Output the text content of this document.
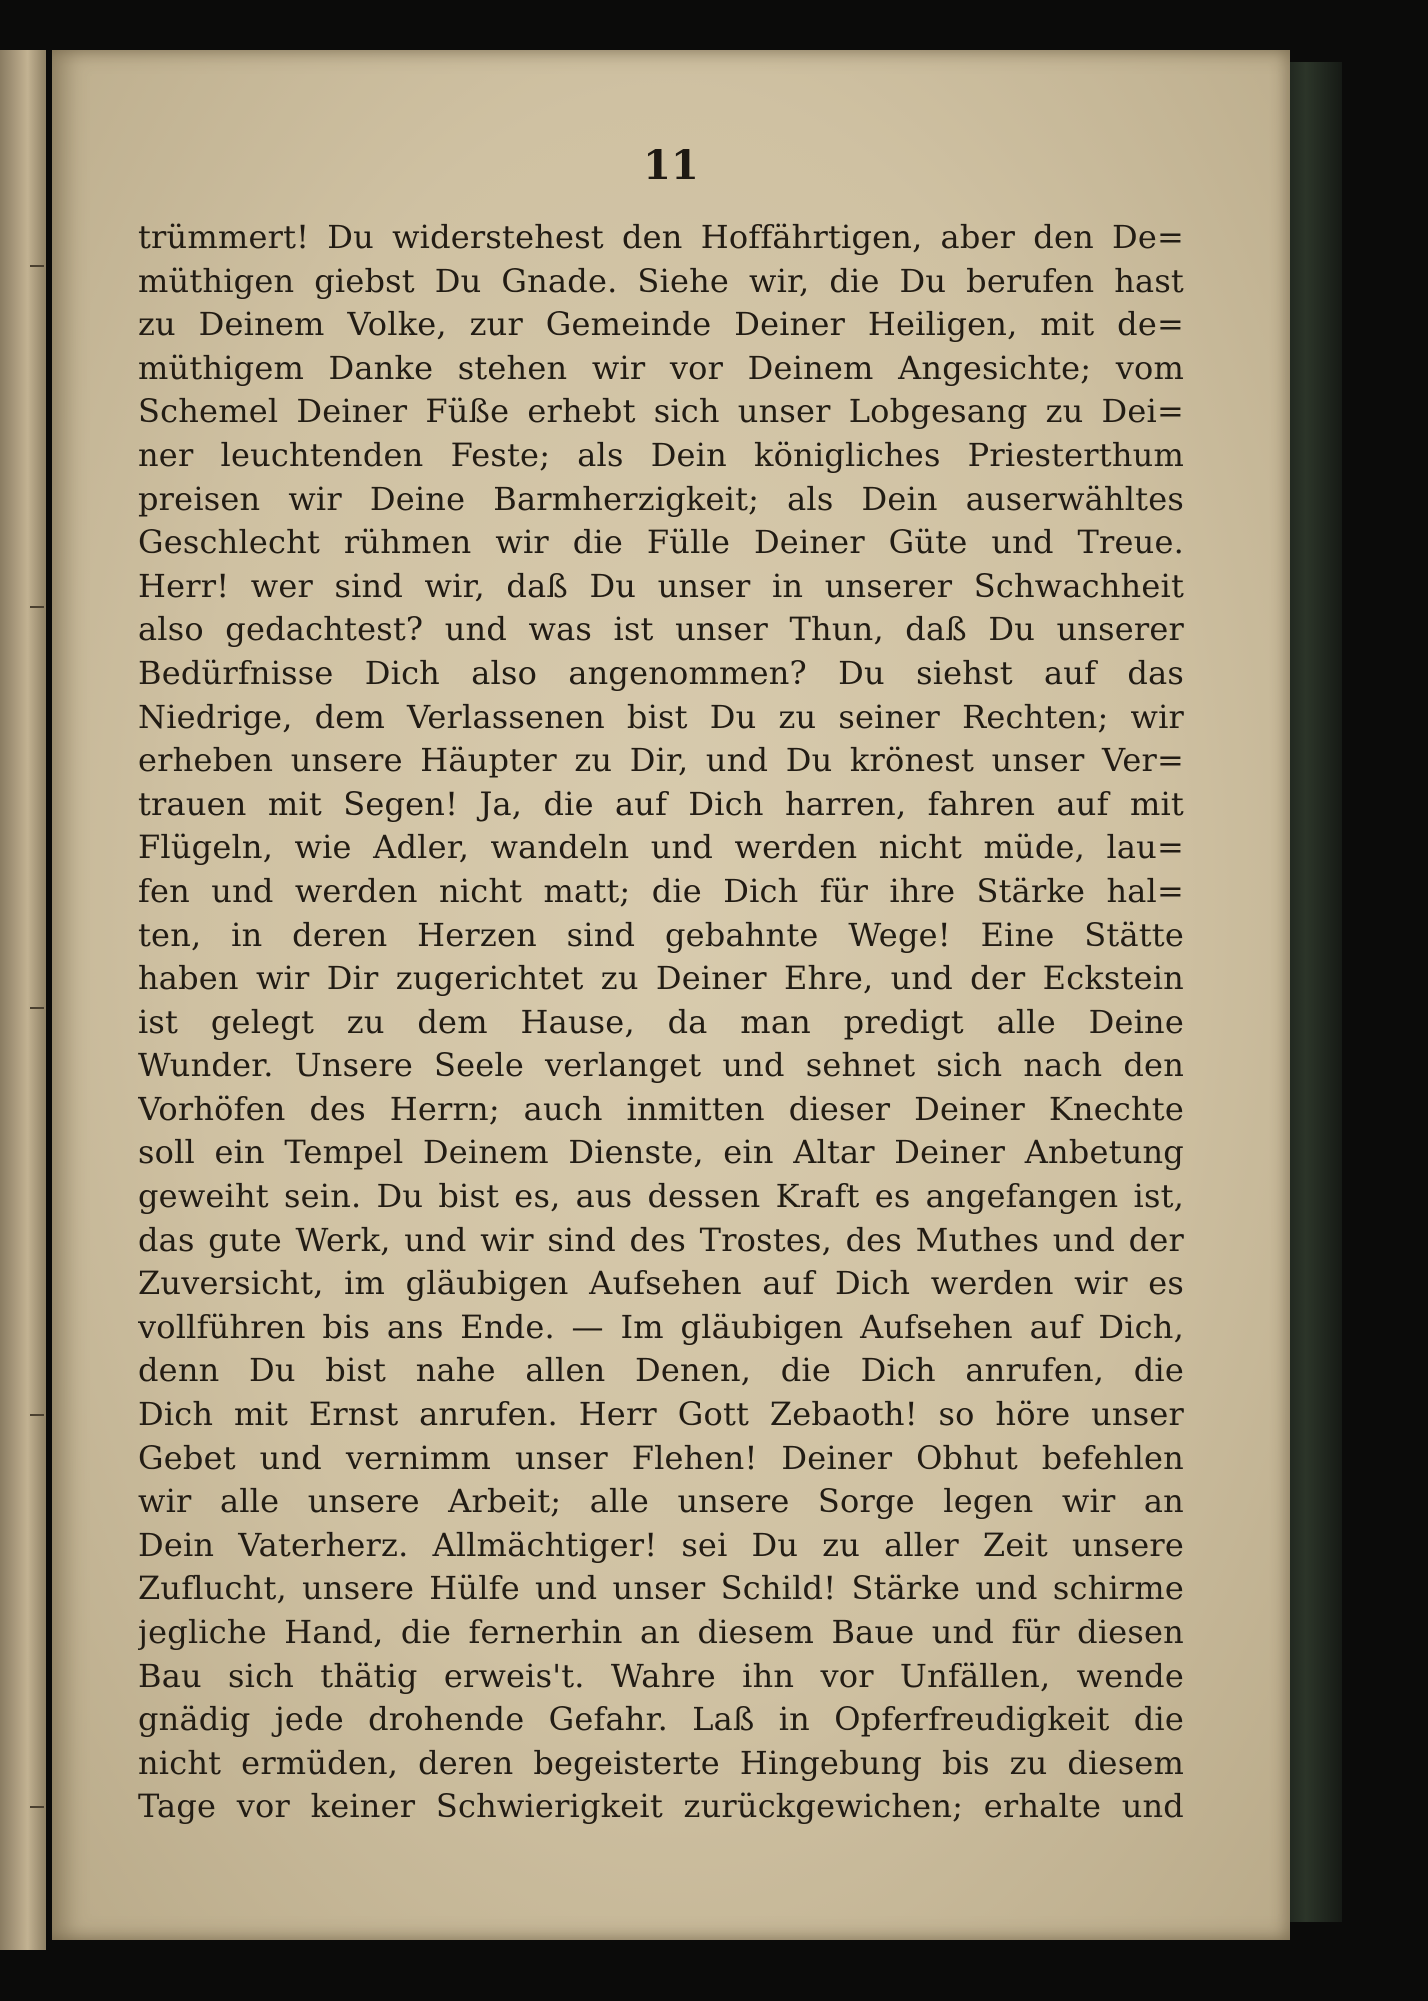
11
trümmert! Du widerstehest den Hoffährtigen, aber den De=
müthigen giebst Du Gnade. Siehe wir, die Du berufen hast
zu Deinem Volke, zur Gemeinde Deiner Heiligen, mit de=
müthigem Danke stehen wir vor Deinem Angesichte; vom
Schemel Deiner Füße erhebt sich unser Lobgesang zu Dei=
ner leuchtenden Feste; als Dein königliches Priesterthum
preisen wir Deine Barmherzigkeit; als Dein auserwähltes
Geschlecht rühmen wir die Fülle Deiner Güte und Treue.
Herr! wer sind wir, daß Du unser in unserer Schwachheit
also gedachtest? und was ist unser Thun, daß Du unserer
Bedürfnisse Dich also angenommen? Du siehst auf das
Niedrige, dem Verlassenen bist Du zu seiner Rechten; wir
erheben unsere Häupter zu Dir, und Du krönest unser Ver=
trauen mit Segen! Ja, die auf Dich harren, fahren auf mit
Flügeln, wie Adler, wandeln und werden nicht müde, lau=
fen und werden nicht matt; die Dich für ihre Stärke hal=
ten, in deren Herzen sind gebahnte Wege! Eine Stätte
haben wir Dir zugerichtet zu Deiner Ehre, und der Eckstein
ist gelegt zu dem Hause, da man predigt alle Deine
Wunder. Unsere Seele verlanget und sehnet sich nach den
Vorhöfen des Herrn; auch inmitten dieser Deiner Knechte
soll ein Tempel Deinem Dienste, ein Altar Deiner Anbetung
geweiht sein. Du bist es, aus dessen Kraft es angefangen ist,
das gute Werk, und wir sind des Trostes, des Muthes und der
Zuversicht, im gläubigen Aufsehen auf Dich werden wir es
vollführen bis ans Ende. — Im gläubigen Aufsehen auf Dich,
denn Du bist nahe allen Denen, die Dich anrufen, die
Dich mit Ernst anrufen. Herr Gott Zebaoth! so höre unser
Gebet und vernimm unser Flehen! Deiner Obhut befehlen
wir alle unsere Arbeit; alle unsere Sorge legen wir an
Dein Vaterherz. Allmächtiger! sei Du zu aller Zeit unsere
Zuflucht, unsere Hülfe und unser Schild! Stärke und schirme
jegliche Hand, die fernerhin an diesem Baue und für diesen
Bau sich thätig erweis't. Wahre ihn vor Unfällen, wende
gnädig jede drohende Gefahr. Laß in Opferfreudigkeit die
nicht ermüden, deren begeisterte Hingebung bis zu diesem
Tage vor keiner Schwierigkeit zurückgewichen; erhalte und
